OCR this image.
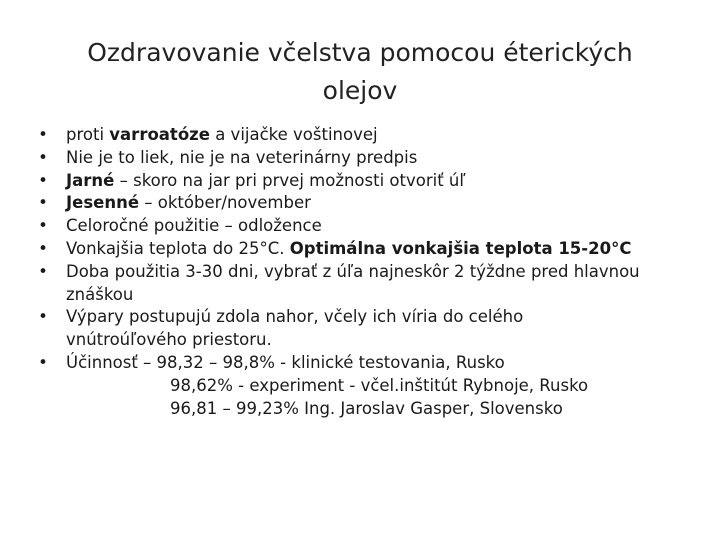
Ozdravovanie včelstva pomocou éterických
olejov
• proti varroatóze a vijačke voštinovej
• Nie je to liek, nie je na veterinárny predpis
• Jarné – skoro na jar pri prvej možnosti otvoriť úľ
• Jesenné – október/november
• Celoročné použitie – odložence
• Vonkajšia teplota do 25°C. Optimálna vonkajšia teplota 15-20°C
• Doba použitia 3-30 dni, vybrať z úľa najneskôr 2 týždne pred hlavnou
znáškou
• Výpary postupujú zdola nahor, včely ich víria do celého
vnútroúľového priestoru.
• Účinnosť – 98,32 – 98,8% - klinické testovania, Rusko
98,62% - experiment - včel.inštitút Rybnoje, Rusko
96,81 – 99,23% Ing. Jaroslav Gasper, Slovensko
